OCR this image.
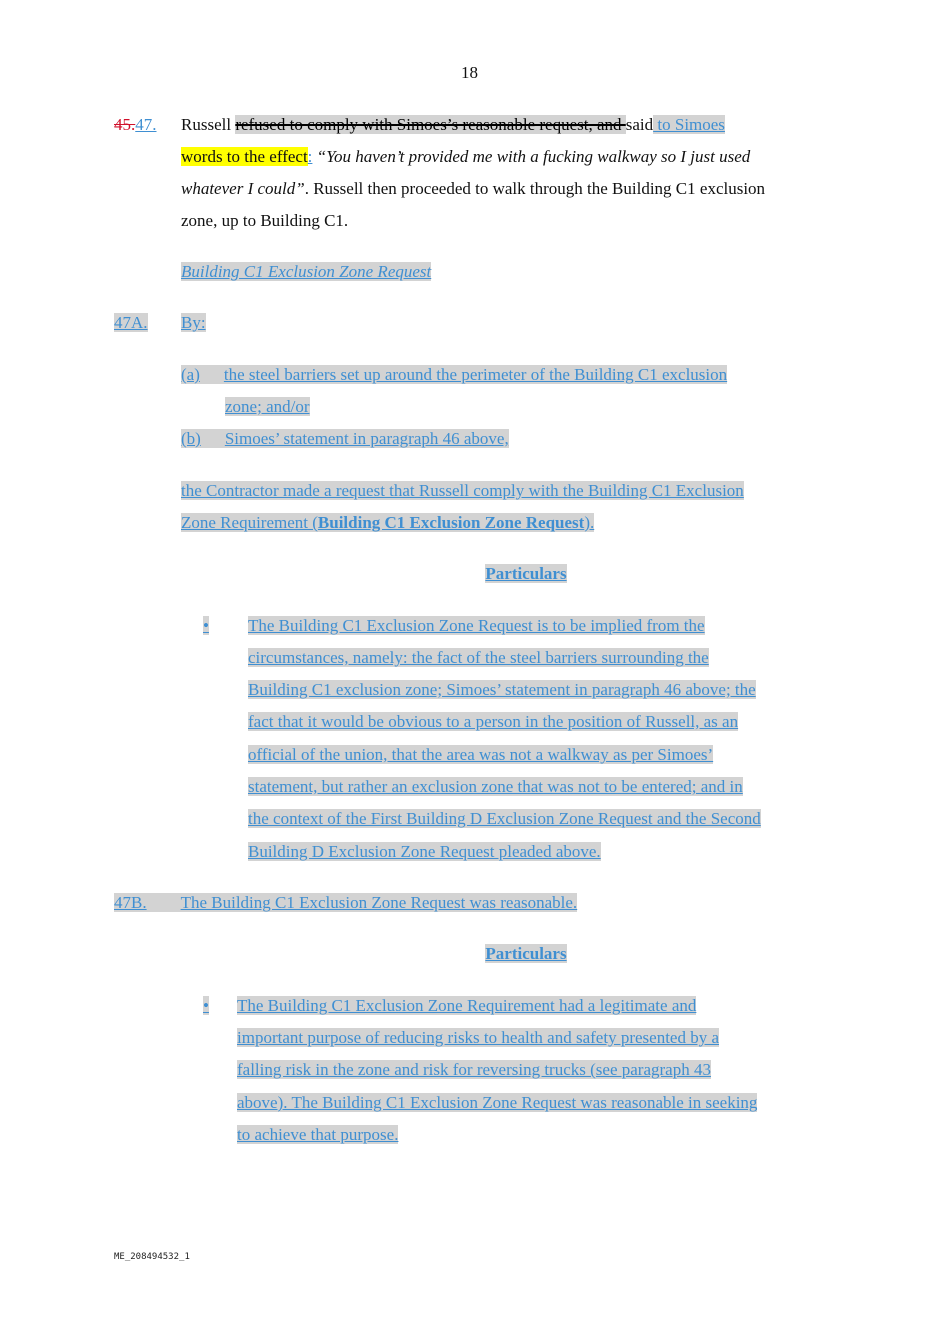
18
45.47. Russell refused to comply with Simoes’s reasonable request, and said to Simoes
words to the effect: “You haven’t provided me with a fucking walkway so I just used
whatever I could”. Russell then proceeded to walk through the Building C1 exclusion
zone, up to Building C1.
Building C1 Exclusion Zone Request
47A. By:
(a) the steel barriers set up around the perimeter of the Building C1 exclusion
zone; and/or
(b) Simoes’ statement in paragraph 46 above,
the Contractor made a request that Russell comply with the Building C1 Exclusion
Zone Requirement (Building C1 Exclusion Zone Request).
Particulars
• The Building C1 Exclusion Zone Request is to be implied from the
circumstances, namely: the fact of the steel barriers surrounding the
Building C1 exclusion zone; Simoes’ statement in paragraph 46 above; the
fact that it would be obvious to a person in the position of Russell, as an
official of the union, that the area was not a walkway as per Simoes’
statement, but rather an exclusion zone that was not to be entered; and in
the context of the First Building D Exclusion Zone Request and the Second
Building D Exclusion Zone Request pleaded above.
47B. The Building C1 Exclusion Zone Request was reasonable.
Particulars
• The Building C1 Exclusion Zone Requirement had a legitimate and
important purpose of reducing risks to health and safety presented by a
falling risk in the zone and risk for reversing trucks (see paragraph 43
above). The Building C1 Exclusion Zone Request was reasonable in seeking
to achieve that purpose.
ME_208494532_1
